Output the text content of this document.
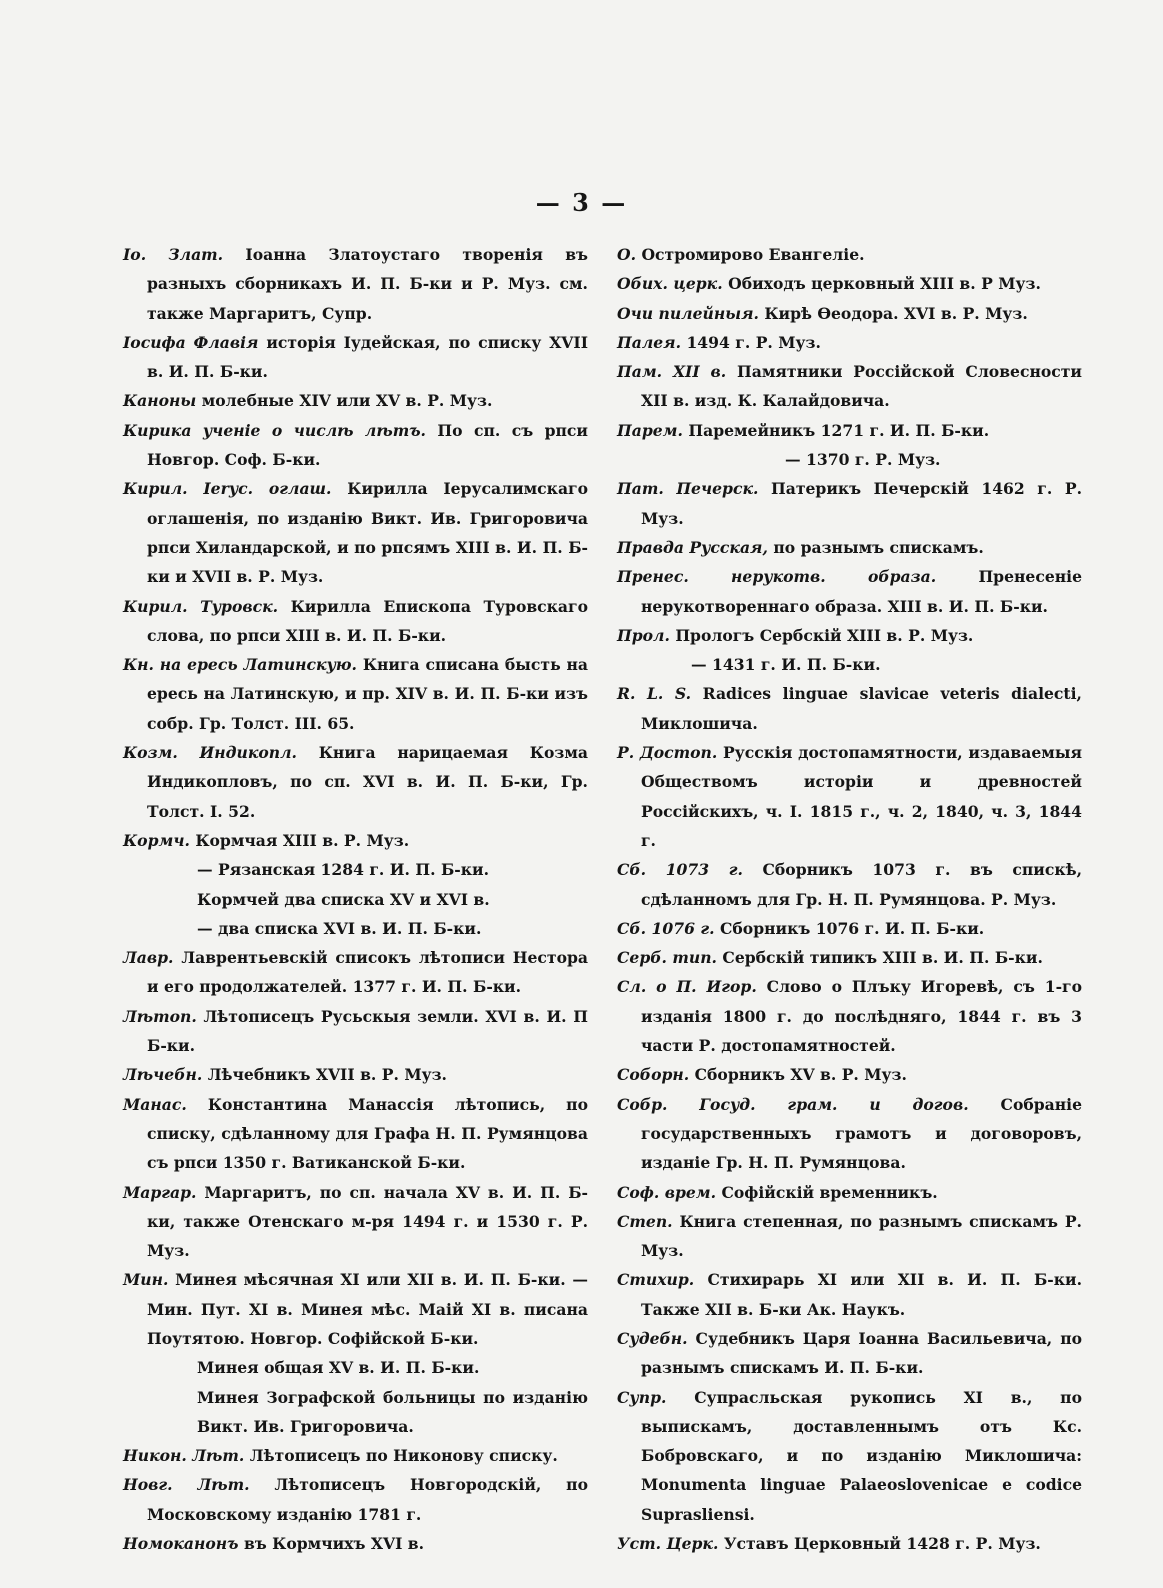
— 3 —
Іо. Злат. Іоанна Златоустаго творенія въ разныхъ сборникахъ И. П. Б-ки и Р. Муз. см. также Маргаритъ, Супр.
Іосифа Флавія исторія Іудейская, по списку XVII в. И. П. Б-ки.
Каноны молебные XIV или XV в. Р. Муз.
Кирика ученіе о числѣ лѣтъ. По сп. съ рпси Новгор. Соф. Б-ки.
Кирил. Ierус. оглаш. Кирилла Іерусалимскаго оглашенія, по изданію Викт. Ив. Григоровича рпси Хиландарской, и по рпсямъ XIII в. И. П. Б-ки и XVII в. Р. Муз.
Кирил. Туровск. Кирилла Епископа Туровскаго слова, по рпси XIII в. И. П. Б-ки.
Кн. на ересь Латинскую. Книга списана бысть на ересь на Латинскую, и пр. XIV в. И. П. Б-ки изъ собр. Гр. Толст. III. 65.
Козм. Индикопл. Книга нарицаемая Козма Индикопловъ, по сп. XVI в. И. П. Б-ки, Гр. Толст. I. 52.
Кормч. Кормчая XIII в. Р. Муз.
— Рязанская 1284 г. И. П. Б-ки.
Кормчей два списка XV и XVI в.
— два списка XVI в. И. П. Б-ки.
Лавр. Лаврентьевскій списокъ лѣтописи Нестора и его продолжателей. 1377 г. И. П. Б-ки.
Лѣтоп. Лѣтописецъ Русьскыя земли. XVI в. И. П Б-ки.
Лѣчебн. Лѣчебникъ XVII в. Р. Муз.
Манас. Константина Манассія лѣтопись, по списку, сдѣланному для Графа Н. П. Румянцова съ рпси 1350 г. Ватиканской Б-ки.
Маргар. Маргаритъ, по сп. начала XV в. И. П. Б-ки, также Отенскаго м-ря 1494 г. и 1530 г. Р. Муз.
Мин. Минея мѣсячная XI или XII в. И. П. Б-ки. — Мин. Пут. XI в. Минея мѣс. Маій XI в. писана Поутятою. Новгор. Софійской Б-ки.
Минея общая XV в. И. П. Б-ки.
Минея Зографской больницы по изданію Викт. Ив. Григоровича.
Никон. Лѣт. Лѣтописецъ по Никонову списку.
Новг. Лѣт. Лѣтописецъ Новгородскій, по Московскому изданію 1781 г.
Номоканонъ въ Кормчихъ XVI в.
О. Остромирово Евангеліе.
Обих. церк. Обиходъ церковный XIII в. Р Муз.
Очи пилейныя. Кирѣ Ѳеодора. XVI в. Р. Муз.
Палея. 1494 г. Р. Муз.
Пам. XII в. Памятники Россійской Словесности XII в. изд. К. Калайдовича.
Парем. Паремейникъ 1271 г. И. П. Б-ки.
— 1370 г. Р. Муз.
Пат. Печерск. Патерикъ Печерскій 1462 г. Р. Муз.
Правда Русская, по разнымъ спискамъ.
Пренес. нерукотв. образа.	Пренесеніе нерукотвореннаго образа. XIII в. И. П. Б-ки.
Прол. Прологъ Сербскій XIII в. Р. Муз.
— 1431 г. И. П. Б-ки.
R. L. S. Radices linguae slavicae veteris dialecti, Миклошича.
Р. Достоп. Русскія достопамятности, издаваемыя Обществомъ исторіи и древностей Россійскихъ, ч. I. 1815 г., ч. 2, 1840, ч. 3, 1844 г.
Сб. 1073 г. Сборникъ 1073 г. въ спискѣ, сдѣланномъ для Гр. Н. П. Румянцова. Р. Муз.
Сб. 1076 г. Сборникъ 1076 г. И. П. Б-ки.
Серб. тип. Сербскій типикъ XIII в. И. П. Б-ки.
Сл. о П. Игор. Слово о Плъку Игоревѣ, съ 1-го изданія 1800 г. до послѣдняго, 1844 г. въ 3 части Р. достопамятностей.
Соборн. Сборникъ XV в. Р. Муз.
Собр. Госуд. грам. и догов. Собраніе государственныхъ грамотъ и договоровъ, изданіе Гр. Н. П. Румянцова.
Соф. врем. Софійскій временникъ.
Степ. Книга степенная, по разнымъ спискамъ Р. Муз.
Стихир. Стихирарь XI или XII в. И. П. Б-ки. Также XII в. Б-ки Ак. Наукъ.
Судебн. Судебникъ Царя Іоанна Васильевича, по разнымъ спискамъ И. П. Б-ки.
Супр. Супрасльская рукопись XI в., по выпискамъ, доставленнымъ отъ Кс. Бобровскаго, и по изданію Миклошича: Monumenta linguae Palaeoslovenicae e codice Suprasliensi.
Уст. Церк. Уставъ Церковный 1428 г. Р. Муз.
